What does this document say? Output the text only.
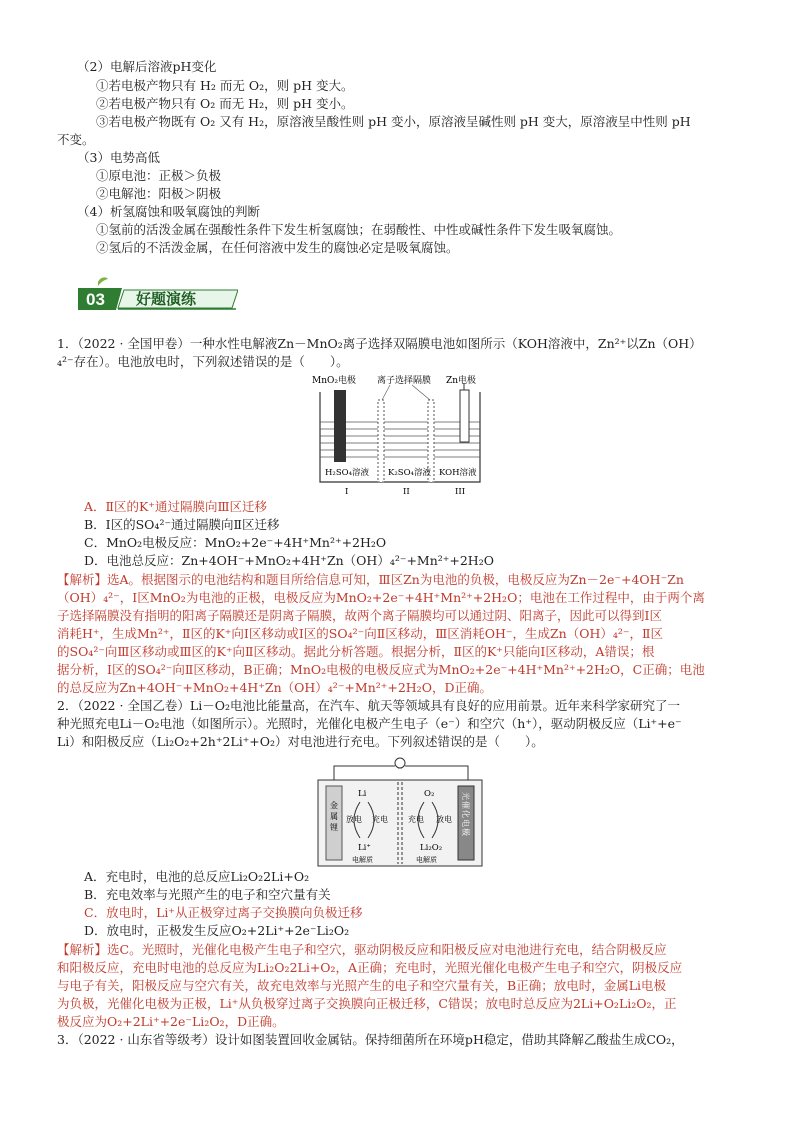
（2）电解后溶液pH变化
①若电极产物只有 H₂ 而无 O₂，则 pH 变大。
②若电极产物只有 O₂ 而无 H₂，则 pH 变小。
③若电极产物既有 O₂ 又有 H₂，原溶液呈酸性则 pH 变小，原溶液呈碱性则 pH 变大，原溶液呈中性则 pH
不变。
（3）电势高低
①原电池：正极＞负极
②电解池：阳极＞阴极
（4）析氢腐蚀和吸氧腐蚀的判断
①氢前的活泼金属在强酸性条件下发生析氢腐蚀；在弱酸性、中性或碱性条件下发生吸氧腐蚀。
②氢后的不活泼金属，在任何溶液中发生的腐蚀必定是吸氧腐蚀。
03 好题演练
1．（2022 · 全国甲卷）一种水性电解液Zn－MnO₂离子选择双隔膜电池如图所示（KOH溶液中，Zn²⁺以Zn（OH）
₄²⁻存在）。电池放电时，下列叙述错误的是（　　）。
MnO₂电极 离子选择隔膜 Zn电极
H₂SO₄溶液 K₂SO₄溶液 KOH溶液
I	II	III
A．Ⅱ区的K⁺通过隔膜向Ⅲ区迁移
B．Ⅰ区的SO₄²⁻通过隔膜向Ⅱ区迁移
C．MnO₂电极反应：MnO₂+2e⁻+4H⁺Mn²⁺+2H₂O
D．电池总反应：Zn+4OH⁻+MnO₂+4H⁺Zn（OH）₄²⁻+Mn²⁺+2H₂O
【解析】选A。根据图示的电池结构和题目所给信息可知，Ⅲ区Zn为电池的负极，电极反应为Zn－2e⁻+4OH⁻Zn
（OH）₄²⁻，Ⅰ区MnO₂为电池的正极，电极反应为MnO₂+2e⁻+4H⁺Mn²⁺+2H₂O；电池在工作过程中，由于两个离
子选择隔膜没有指明的阳离子隔膜还是阴离子隔膜，故两个离子隔膜均可以通过阴、阳离子，因此可以得到Ⅰ区
消耗H⁺，生成Mn²⁺，Ⅱ区的K⁺向Ⅰ区移动或Ⅰ区的SO₄²⁻向Ⅱ区移动，Ⅲ区消耗OH⁻，生成Zn（OH）₄²⁻，Ⅱ区
的SO₄²⁻向Ⅲ区移动或Ⅲ区的K⁺向Ⅱ区移动。据此分析答题。根据分析，Ⅱ区的K⁺只能向Ⅰ区移动，A错误；根
据分析，Ⅰ区的SO₄²⁻向Ⅱ区移动，B正确；MnO₂电极的电极反应式为MnO₂+2e⁻+4H⁺Mn²⁺+2H₂O，C正确；电池
的总反应为Zn+4OH⁻+MnO₂+4H⁺Zn（OH）₄²⁻+Mn²⁺+2H₂O，D正确。
2．（2022 · 全国乙卷）Li－O₂电池比能量高，在汽车、航天等领域具有良好的应用前景。近年来科学家研究了一
种光照充电Li－O₂电池（如图所示）。光照时，光催化电极产生电子（e⁻）和空穴（h⁺），驱动阴极反应（Li⁺+e⁻
Li）和阳极反应（Li₂O₂+2h⁺2Li⁺+O₂）对电池进行充电。下列叙述错误的是（　　）。
金属锂
Li
放电 充电
Li⁺
电解质
O₂
充电 放电
Li₂O₂
电解质
光催化电极
A．充电时，电池的总反应Li₂O₂2Li+O₂
B．充电效率与光照产生的电子和空穴量有关
C．放电时，Li⁺从正极穿过离子交换膜向负极迁移
D．放电时，正极发生反应O₂+2Li⁺+2e⁻Li₂O₂
【解析】选C。光照时，光催化电极产生电子和空穴，驱动阴极反应和阳极反应对电池进行充电，结合阴极反应
和阳极反应，充电时电池的总反应为Li₂O₂2Li+O₂，A正确；充电时，光照光催化电极产生电子和空穴，阴极反应
与电子有关，阳极反应与空穴有关，故充电效率与光照产生的电子和空穴量有关，B正确；放电时，金属Li电极
为负极，光催化电极为正极，Li⁺从负极穿过离子交换膜向正极迁移，C错误；放电时总反应为2Li+O₂Li₂O₂，正
极反应为O₂+2Li⁺+2e⁻Li₂O₂，D正确。
3．（2022 · 山东省等级考）设计如图装置回收金属钴。保持细菌所在环境pH稳定，借助其降解乙酸盐生成CO₂，
